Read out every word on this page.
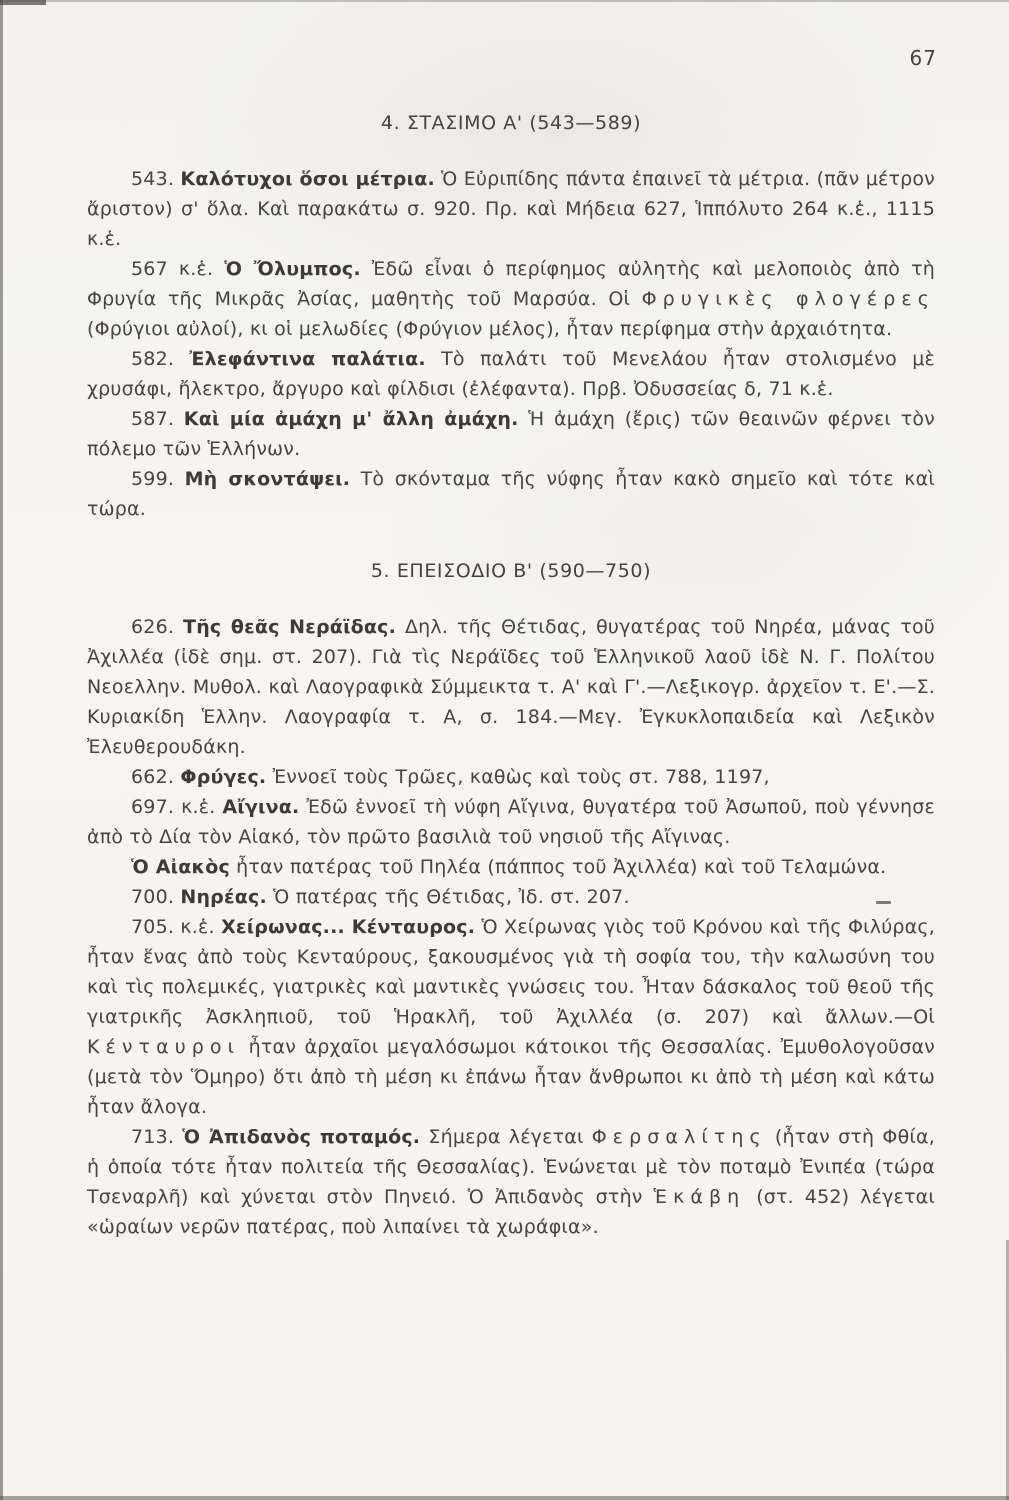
67
4. ΣΤΑΣΙΜΟ Α' (543—589)

543. Καλότυχοι ὅσοι μέτρια. Ὁ Εὐριπίδης πάντα ἐπαινεῖ τὰ μέτρια. (πᾶν μέτρον ἄριστον) σ' ὅλα. Καὶ παρακάτω σ. 920. Πρ. καὶ Μήδεια 627, Ἱππόλυτο 264 κ.ἑ., 1115 κ.ἑ.

567 κ.ἑ. Ὁ Ὄλυμπος. Ἐδῶ εἶναι ὁ περίφημος αὐλητὴς καὶ μελοποιὸς ἀπὸ τὴ Φρυγία τῆς Μικρᾶς Ἀσίας, μαθητὴς τοῦ Μαρσύα. Οἱ Φρυγικὲς φλογέρες (Φρύγιοι αὐλοί), κι οἱ μελωδίες (Φρύγιον μέλος), ἦταν περίφημα στὴν ἀρχαιότητα.

582. Ἐλεφάντινα παλάτια. Τὸ παλάτι τοῦ Μενελάου ἦταν στολισμένο μὲ χρυσάφι, ἤλεκτρο, ἄργυρο καὶ φίλδισι (ἐλέφαντα). Πρβ. Ὀδυσσείας δ, 71 κ.ἑ.

587. Καὶ μία ἀμάχη μ' ἄλλη ἀμάχη. Ἡ ἀμάχη (ἔρις) τῶν θεαινῶν φέρνει τὸν πόλεμο τῶν Ἑλλήνων.

599. Μὴ σκοντάψει. Τὸ σκόνταμα τῆς νύφης ἦταν κακὸ σημεῖο καὶ τότε καὶ τώρα.

5. ΕΠΕΙΣΟΔΙΟ Β' (590—750)

626. Τῆς θεᾶς Νεράϊδας. Δηλ. τῆς Θέτιδας, θυγατέρας τοῦ Νηρέα, μάνας τοῦ Ἀχιλλέα (ἰδὲ σημ. στ. 207). Γιὰ τὶς Νεράϊδες τοῦ Ἑλληνικοῦ λαοῦ ἰδὲ Ν. Γ. Πολίτου Νεοελλην. Μυθολ. καὶ Λαογραφικὰ Σύμμεικτα τ. Α' καὶ Γ'.—Λεξικογρ. ἀρχεῖον τ. Ε'.—Σ. Κυριακίδη Ἑλλην. Λαογραφία τ. Α, σ. 184.—Μεγ. Ἐγκυκλοπαιδεία καὶ Λεξικὸν Ἐλευθερουδάκη.

662. Φρύγες. Ἐννοεῖ τοὺς Τρῶες, καθὼς καὶ τοὺς στ. 788, 1197,

697. κ.ἑ. Αἴγινα. Ἐδῶ ἐννοεῖ τὴ νύφη Αἴγινα, θυγατέρα τοῦ Ἀσωποῦ, ποὺ γέννησε ἀπὸ τὸ Δία τὸν Αἰακό, τὸν πρῶτο βασιλιὰ τοῦ νησιοῦ τῆς Αἴγινας.

Ὁ Αἰακὸς ἦταν πατέρας τοῦ Πηλέα (πάππος τοῦ Ἀχιλλέα) καὶ τοῦ Τελαμώνα.

700. Νηρέας. Ὁ πατέρας τῆς Θέτιδας, Ἰδ. στ. 207.

705. κ.ἑ. Χείρωνας... Κένταυρος. Ὁ Χείρωνας γιὸς τοῦ Κρόνου καὶ τῆς Φιλύρας, ἦταν ἕνας ἀπὸ τοὺς Κενταύρους, ξακουσμένος γιὰ τὴ σοφία του, τὴν καλωσύνη του καὶ τὶς πολεμικές, γιατρικὲς καὶ μαντικὲς γνώσεις του. Ἦταν δάσκαλος τοῦ θεοῦ τῆς γιατρικῆς Ἀσκληπιοῦ, τοῦ Ἡρακλῆ, τοῦ Ἀχιλλέα (σ. 207) καὶ ἄλλων.—Οἱ Κένταυροι ἦταν ἀρχαῖοι μεγαλόσωμοι κάτοικοι τῆς Θεσσαλίας. Ἐμυθολογοῦσαν (μετὰ τὸν Ὅμηρο) ὅτι ἀπὸ τὴ μέση κι ἐπάνω ἦταν ἄνθρωποι κι ἀπὸ τὴ μέση καὶ κάτω ἦταν ἄλογα.

713. Ὁ Ἀπιδανὸς ποταμός. Σήμερα λέγεται Φερσαλίτης (ἦταν στὴ Φθία, ἡ ὁποία τότε ἦταν πολιτεία τῆς Θεσσαλίας). Ἑνώνεται μὲ τὸν ποταμὸ Ἐνιπέα (τώρα Τσεναρλῆ) καὶ χύνεται στὸν Πηνειό. Ὁ Ἀπιδανὸς στὴν Ἑκάβη (στ. 452) λέγεται «ὡραίων νερῶν πατέρας, ποὺ λιπαίνει τὰ χωράφια».
